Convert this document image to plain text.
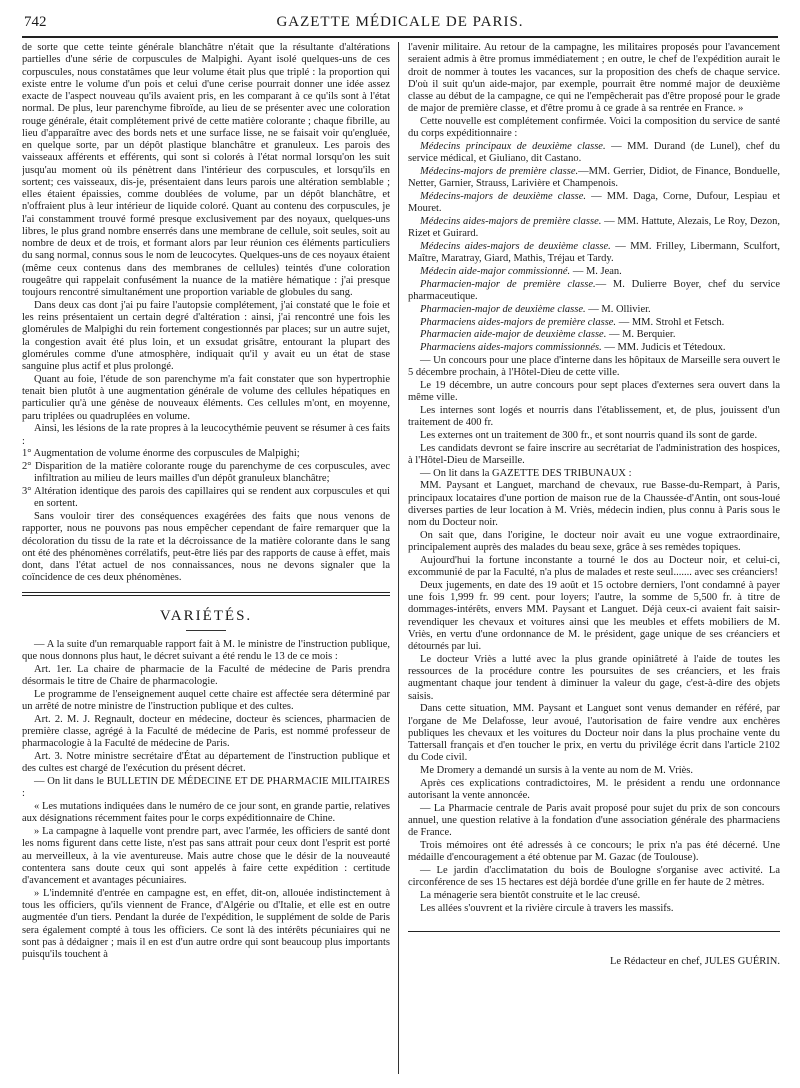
742	GAZETTE MÉDICALE DE PARIS.

de sorte que cette teinte générale blanchâtre n'était que la résultante d'altérations partielles d'une série de corpuscules de Malpighi. Ayant isolé quelques-uns de ces corpuscules, nous constatâmes que leur volume était plus que triplé : la proportion qui existe entre le volume d'un pois et celui d'une cerise pourrait donner une idée assez exacte de l'aspect nouveau qu'ils avaient pris, en les comparant à ce qu'ils sont à l'état normal. De plus, leur parenchyme fibroïde, au lieu de se présenter avec une coloration rouge générale, était complétement privé de cette matière colorante ; chaque fibrille, au lieu d'apparaître avec des bords nets et une surface lisse, ne se faisait voir qu'engluée, en quelque sorte, par un dépôt plastique blanchâtre et granuleux. Les parois des vaisseaux afférents et efférents, qui sont si colorés à l'état normal lorsqu'on les suit jusqu'au moment où ils pénètrent dans l'intérieur des corpuscules, et lorsqu'ils en sortent; ces vaisseaux, dis-je, présentaient dans leurs parois une altération semblable ; elles étaient épaissies, comme doublées de volume, par un dépôt blanchâtre, et n'offraient plus à leur intérieur de liquide coloré. Quant au contenu des corpuscules, je l'ai constamment trouvé formé presque exclusivement par des noyaux, quelques-uns libres, le plus grand nombre enserrés dans une membrane de cellule, soit seules, soit au nombre de deux et de trois, et formant alors par leur réunion ces éléments particuliers du sang normal, connus sous le nom de leucocytes. Quelques-uns de ces noyaux étaient (même ceux contenus dans des membranes de cellules) teintés d'une coloration rougeâtre qui rappelait confusément la nuance de la matière hématique : j'ai presque toujours rencontré simultanément une proportion variable de globules du sang.

Dans deux cas dont j'ai pu faire l'autopsie complétement, j'ai constaté que le foie et les reins présentaient un certain degré d'altération : ainsi, j'ai rencontré une fois les glomérules de Malpighi du rein fortement congestionnés par places; sur un autre sujet, la congestion avait été plus loin, et un exsudat grisâtre, entourant la plupart des glomérules comme d'une atmosphère, indiquait qu'il y avait eu un état de stase sanguine plus actif et plus prolongé.

Quant au foie, l'étude de son parenchyme m'a fait constater que son hypertrophie tenait bien plutôt à une augmentation générale de volume des cellules hépatiques en particulier qu'à une génèse de nouveaux éléments. Ces cellules m'ont, en moyenne, paru triplées ou quadruplées en volume.

Ainsi, les lésions de la rate propres à la leucocythémie peuvent se résumer à ces faits :

1° Augmentation de volume énorme des corpuscules de Malpighi;

2° Disparition de la matière colorante rouge du parenchyme de ces corpuscules, avec infiltration au milieu de leurs mailles d'un dépôt granuleux blanchâtre;

3° Altération identique des parois des capillaires qui se rendent aux corpuscules et qui en sortent.

Sans vouloir tirer des conséquences exagérées des faits que nous venons de rapporter, nous ne pouvons pas nous empêcher cependant de faire remarquer que la décoloration du tissu de la rate et la décroissance de la matière colorante dans le sang ont été des phénomènes corrélatifs, peut-être liés par des rapports de cause à effet, mais dont, dans l'état actuel de nos connaissances, nous ne devons signaler que la coïncidence de ces deux phénomènes.

VARIÉTÉS.

— A la suite d'un remarquable rapport fait à M. le ministre de l'instruction publique, que nous donnons plus haut, le décret suivant a été rendu le 13 de ce mois :

Art. 1er. La chaire de pharmacie de la Faculté de médecine de Paris prendra désormais le titre de Chaire de pharmacologie.

Le programme de l'enseignement auquel cette chaire est affectée sera déterminé par un arrêté de notre ministre de l'instruction publique et des cultes.

Art. 2. M. J. Regnault, docteur en médecine, docteur ès sciences, pharmacien de première classe, agrégé à la Faculté de médecine de Paris, est nommé professeur de pharmacologie à la Faculté de médecine de Paris.

Art. 3. Notre ministre secrétaire d'État au département de l'instruction publique et des cultes est chargé de l'exécution du présent décret.

— On lit dans le BULLETIN DE MÉDECINE ET DE PHARMACIE MILITAIRES :

« Les mutations indiquées dans le numéro de ce jour sont, en grande partie, relatives aux désignations récemment faites pour le corps expéditionnaire de Chine.

» La campagne à laquelle vont prendre part, avec l'armée, les officiers de santé dont les noms figurent dans cette liste, n'est pas sans attrait pour ceux dont l'esprit est porté au merveilleux, à la vie aventureuse. Mais autre chose que le désir de la nouveauté contentera sans doute ceux qui sont appelés à faire cette expédition : certitude d'avancement et avantages pécuniaires.

» L'indemnité d'entrée en campagne est, en effet, dit-on, allouée indistinctement à tous les officiers, qu'ils viennent de France, d'Algérie ou d'Italie, et elle est en outre augmentée d'un tiers. Pendant la durée de l'expédition, le supplément de solde de Paris sera également compté à tous les officiers. Ce sont là des intérêts pécuniaires qui ne sont pas à dédaigner ; mais il en est d'un autre ordre qui sont beaucoup plus importants puisqu'ils touchent à

l'avenir militaire. Au retour de la campagne, les militaires proposés pour l'avancement seraient admis à être promus immédiatement ; en outre, le chef de l'expédition aurait le droit de nommer à toutes les vacances, sur la proposition des chefs de chaque service. D'où il suit qu'un aide-major, par exemple, pourrait être nommé major de deuxième classe au début de la campagne, ce qui ne l'empêcherait pas d'être proposé pour le grade de major de première classe, et d'être promu à ce grade à sa rentrée en France. »

Cette nouvelle est complétement confirmée. Voici la composition du service de santé du corps expéditionnaire :

Médecins principaux de deuxième classe. — MM. Durand (de Lunel), chef du service médical, et Giuliano, dit Castano.

Médecins-majors de première classe.—MM. Gerrier, Didiot, de Finance, Bonduelle, Netter, Garnier, Strauss, Larivière et Champenois.

Médecins-majors de deuxième classe. — MM. Daga, Corne, Dufour, Lespiau et Mouret.

Médecins aides-majors de première classe. — MM. Hattute, Alezais, Le Roy, Dezon, Rizet et Guirard.

Médecins aides-majors de deuxième classe. — MM. Frilley, Libermann, Sculfort, Maître, Maratray, Giard, Mathis, Tréjau et Tardy.

Médecin aide-major commissionné. — M. Jean.

Pharmacien-major de première classe.— M. Dulierre Boyer, chef du service pharmaceutique.

Pharmacien-major de deuxième classe. — M. Ollivier.

Pharmaciens aides-majors de première classe. — MM. Strohl et Fetsch.

Pharmacien aide-major de deuxième classe. — M. Berquier.

Pharmaciens aides-majors commissionnés. — MM. Judicis et Tétedoux.

— Un concours pour une place d'interne dans les hôpitaux de Marseille sera ouvert le 5 décembre prochain, à l'Hôtel-Dieu de cette ville.

Le 19 décembre, un autre concours pour sept places d'externes sera ouvert dans la même ville.

Les internes sont logés et nourris dans l'établissement, et, de plus, jouissent d'un traitement de 400 fr.

Les externes ont un traitement de 300 fr., et sont nourris quand ils sont de garde.

Les candidats devront se faire inscrire au secrétariat de l'administration des hospices, à l'Hôtel-Dieu de Marseille.

— On lit dans la GAZETTE DES TRIBUNAUX :

MM. Paysant et Languet, marchand de chevaux, rue Basse-du-Rempart, à Paris, principaux locataires d'une portion de maison rue de la Chaussée-d'Antin, ont sous-loué diverses parties de leur location à M. Vriès, médecin indien, plus connu à Paris sous le nom du Docteur noir.

On sait que, dans l'origine, le docteur noir avait eu une vogue extraordinaire, principalement auprès des malades du beau sexe, grâce à ses remèdes topiques.

Aujourd'hui la fortune inconstante a tourné le dos au Docteur noir, et celui-ci, excommunié de par la Faculté, n'a plus de malades et reste seul....... avec ses créanciers!

Deux jugements, en date des 19 août et 15 octobre derniers, l'ont condamné à payer une fois 1,999 fr. 99 cent. pour loyers; l'autre, la somme de 5,500 fr. à titre de dommages-intérêts, envers MM. Paysant et Languet. Déjà ceux-ci avaient fait saisir-revendiquer les chevaux et voitures ainsi que les meubles et effets mobiliers de M. Vriès, en vertu d'une ordonnance de M. le président, gage unique de ses créanciers et détournés par lui.

Le docteur Vriès a lutté avec la plus grande opiniâtreté à l'aide de toutes les ressources de la procédure contre les poursuites de ses créanciers, et les frais augmentant chaque jour tendent à diminuer la valeur du gage, c'est-à-dire des objets saisis.

Dans cette situation, MM. Paysant et Languet sont venus demander en référé, par l'organe de Me Delafosse, leur avoué, l'autorisation de faire vendre aux enchères publiques les chevaux et les voitures du Docteur noir dans la plus prochaine vente du Tattersall français et d'en toucher le prix, en vertu du privilége écrit dans l'article 2102 du Code civil.

Me Dromery a demandé un sursis à la vente au nom de M. Vriès.

Après ces explications contradictoires, M. le président a rendu une ordonnance autorisant la vente annoncée.

— La Pharmacie centrale de Paris avait proposé pour sujet du prix de son concours annuel, une question relative à la fondation d'une association générale des pharmaciens de France.

Trois mémoires ont été adressés à ce concours; le prix n'a pas été décerné. Une médaille d'encouragement a été obtenue par M. Gazac (de Toulouse).

— Le jardin d'acclimatation du bois de Boulogne s'organise avec activité. La circonférence de ses 15 hectares est déjà bordée d'une grille en fer haute de 2 mètres.

La ménagerie sera bientôt construite et le lac creusé.

Les allées s'ouvrent et la rivière circule à travers les massifs.

Le Rédacteur en chef, JULES GUÉRIN.
